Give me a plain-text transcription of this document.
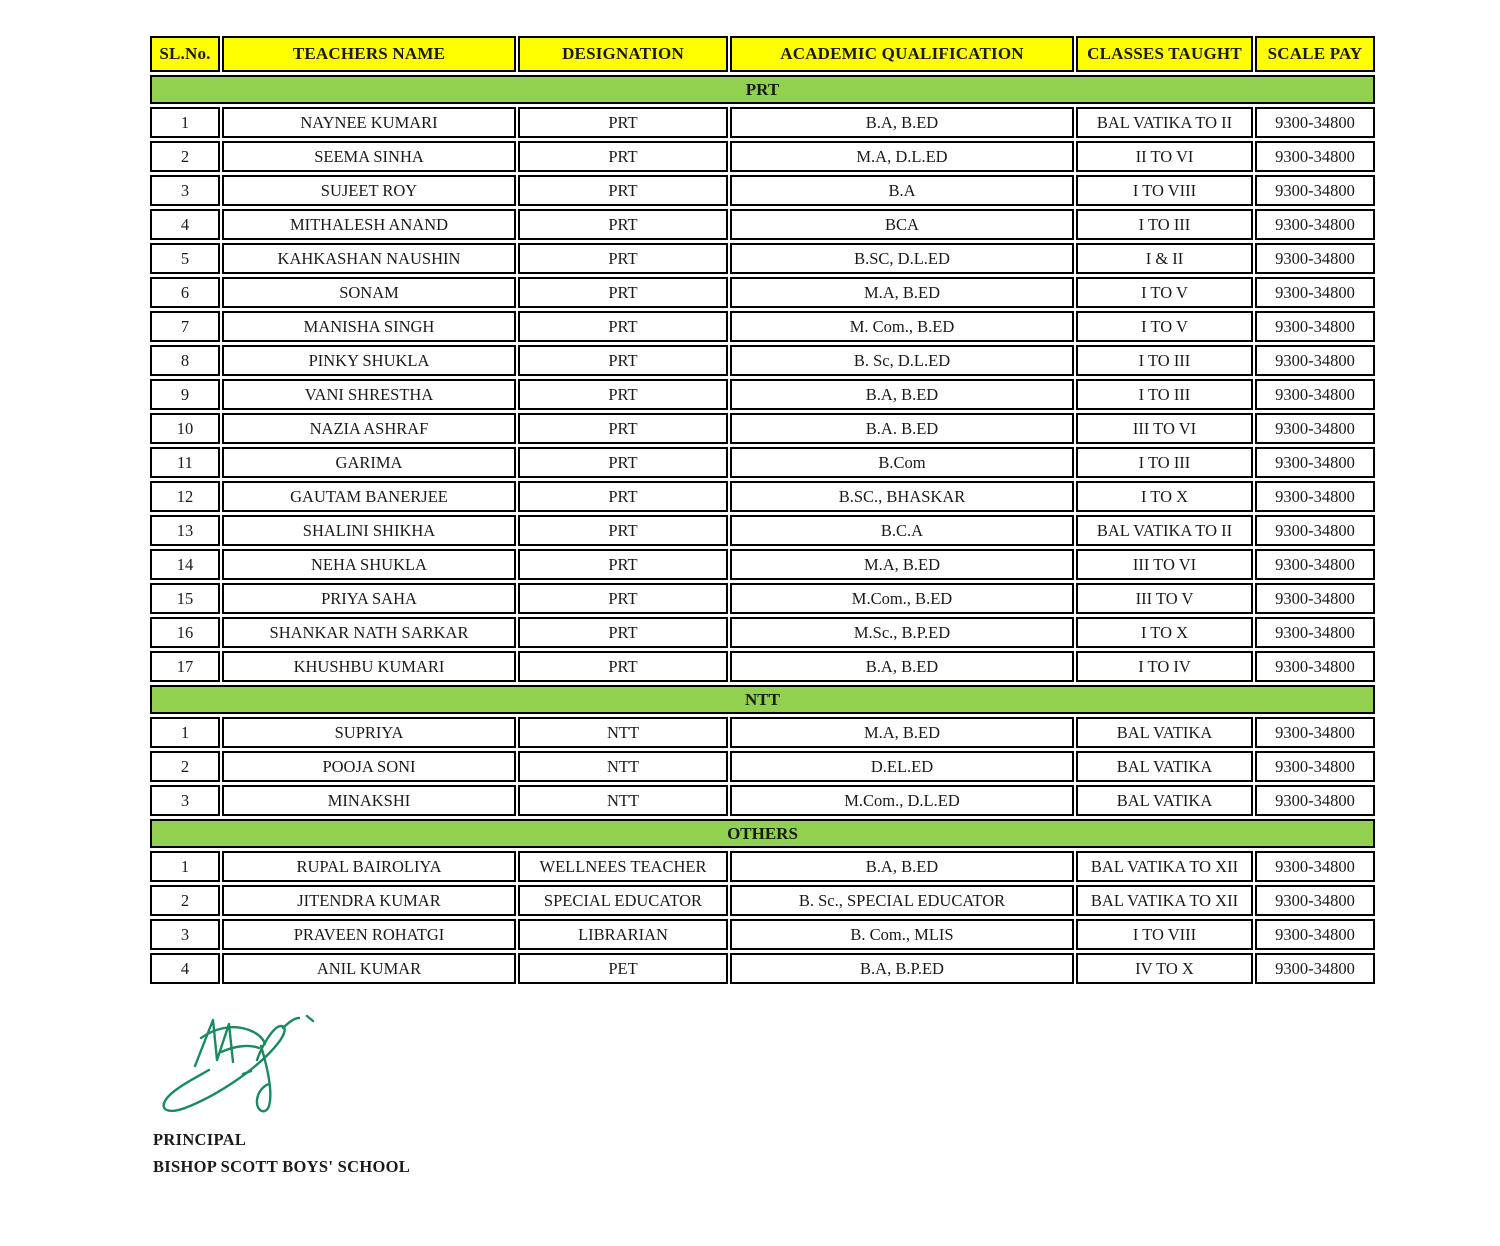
SL.No.	TEACHERS NAME	DESIGNATION	ACADEMIC QUALIFICATION	CLASSES TAUGHT	SCALE PAY
PRT					
1	NAYNEE KUMARI	PRT	B.A, B.ED	BAL VATIKA TO II	9300-34800
2	SEEMA SINHA	PRT	M.A, D.L.ED	II TO VI	9300-34800
3	SUJEET ROY	PRT	B.A	I TO VIII	9300-34800
4	MITHALESH ANAND	PRT	BCA	I TO III	9300-34800
5	KAHKASHAN NAUSHIN	PRT	B.SC, D.L.ED	I & II	9300-34800
6	SONAM	PRT	M.A, B.ED	I TO V	9300-34800
7	MANISHA SINGH	PRT	M. Com., B.ED	I TO V	9300-34800
8	PINKY SHUKLA	PRT	B. Sc, D.L.ED	I TO III	9300-34800
9	VANI SHRESTHA	PRT	B.A, B.ED	I TO III	9300-34800
10	NAZIA ASHRAF	PRT	B.A. B.ED	III TO VI	9300-34800
11	GARIMA	PRT	B.Com	I TO III	9300-34800
12	GAUTAM BANERJEE	PRT	B.SC., BHASKAR	I TO X	9300-34800
13	SHALINI SHIKHA	PRT	B.C.A	BAL VATIKA TO II	9300-34800
14	NEHA SHUKLA	PRT	M.A, B.ED	III TO VI	9300-34800
15	PRIYA SAHA	PRT	M.Com., B.ED	III TO V	9300-34800
16	SHANKAR NATH SARKAR	PRT	M.Sc., B.P.ED	I TO X	9300-34800
17	KHUSHBU KUMARI	PRT	B.A, B.ED	I TO IV	9300-34800
NTT					
1	SUPRIYA	NTT	M.A, B.ED	BAL VATIKA	9300-34800
2	POOJA SONI	NTT	D.EL.ED	BAL VATIKA	9300-34800
3	MINAKSHI	NTT	M.Com., D.L.ED	BAL VATIKA	9300-34800
OTHERS					
1	RUPAL BAIROLIYA	WELLNEES TEACHER	B.A, B.ED	BAL VATIKA TO XII	9300-34800
2	JITENDRA KUMAR	SPECIAL EDUCATOR	B. Sc., SPECIAL EDUCATOR	BAL VATIKA TO XII	9300-34800
3	PRAVEEN ROHATGI	LIBRARIAN	B. Com., MLIS	I TO VIII	9300-34800
4	ANIL KUMAR	PET	B.A, B.P.ED	IV TO X	9300-34800
PRINCIPAL
BISHOP SCOTT BOYS' SCHOOL
